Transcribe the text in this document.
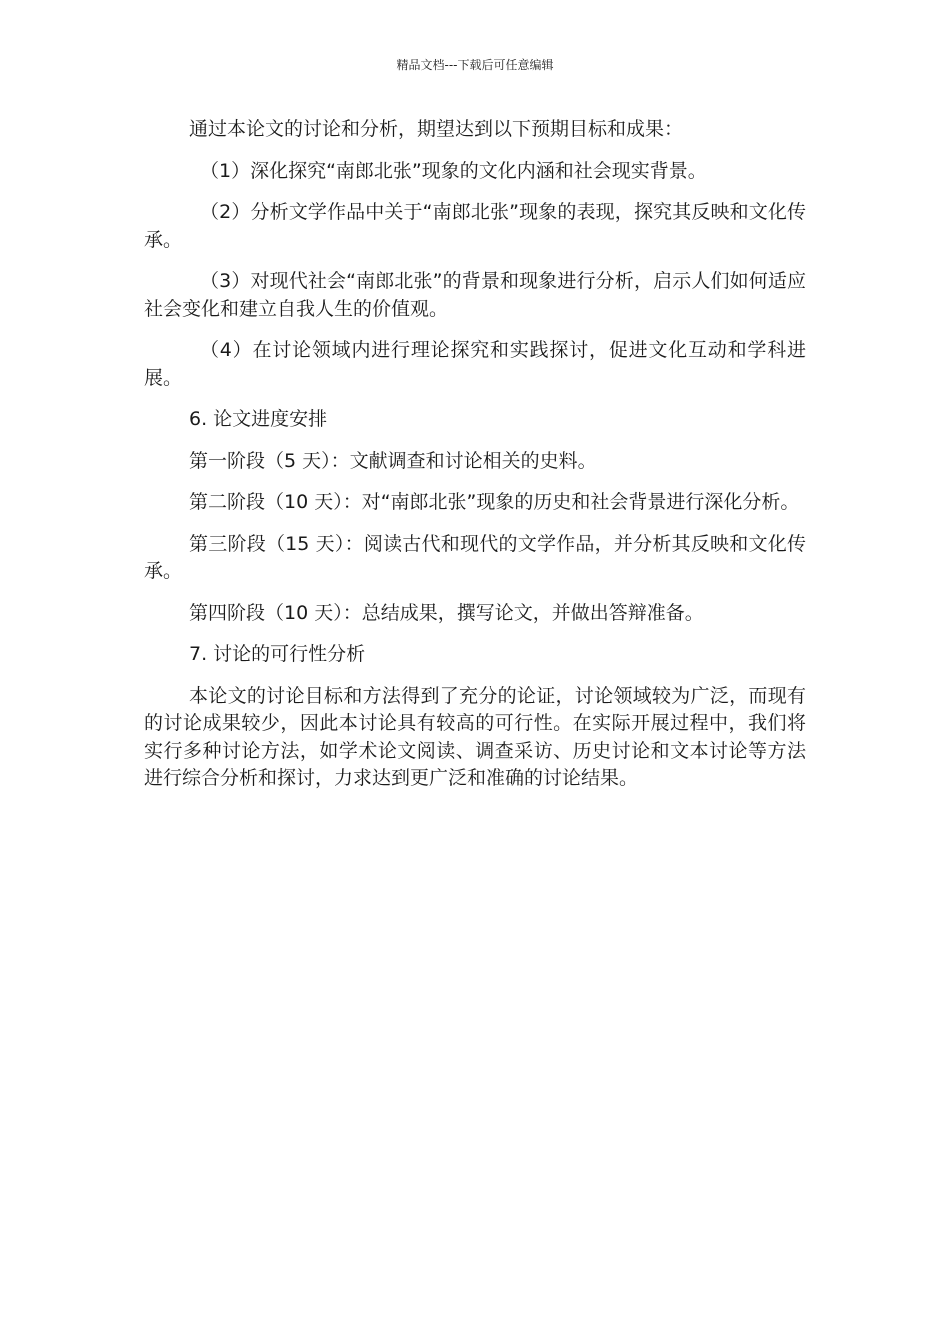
精品文档---下载后可任意编辑

通过本论文的讨论和分析，期望达到以下预期目标和成果：

（1）深化探究“南郎北张”现象的文化内涵和社会现实背景。

（2）分析文学作品中关于“南郎北张”现象的表现，探究其反映和文化传承。

（3）对现代社会“南郎北张”的背景和现象进行分析，启示人们如何适应社会变化和建立自我人生的价值观。

（4）在讨论领域内进行理论探究和实践探讨，促进文化互动和学科进展。

6. 论文进度安排

第一阶段（5 天）：文献调查和讨论相关的史料。

第二阶段（10 天）：对“南郎北张”现象的历史和社会背景进行深化分析。

第三阶段（15 天）：阅读古代和现代的文学作品，并分析其反映和文化传承。

第四阶段（10 天）：总结成果，撰写论文，并做出答辩准备。

7. 讨论的可行性分析

本论文的讨论目标和方法得到了充分的论证，讨论领域较为广泛，而现有的讨论成果较少，因此本讨论具有较高的可行性。在实际开展过程中，我们将实行多种讨论方法，如学术论文阅读、调查采访、历史讨论和文本讨论等方法进行综合分析和探讨，力求达到更广泛和准确的讨论结果。
